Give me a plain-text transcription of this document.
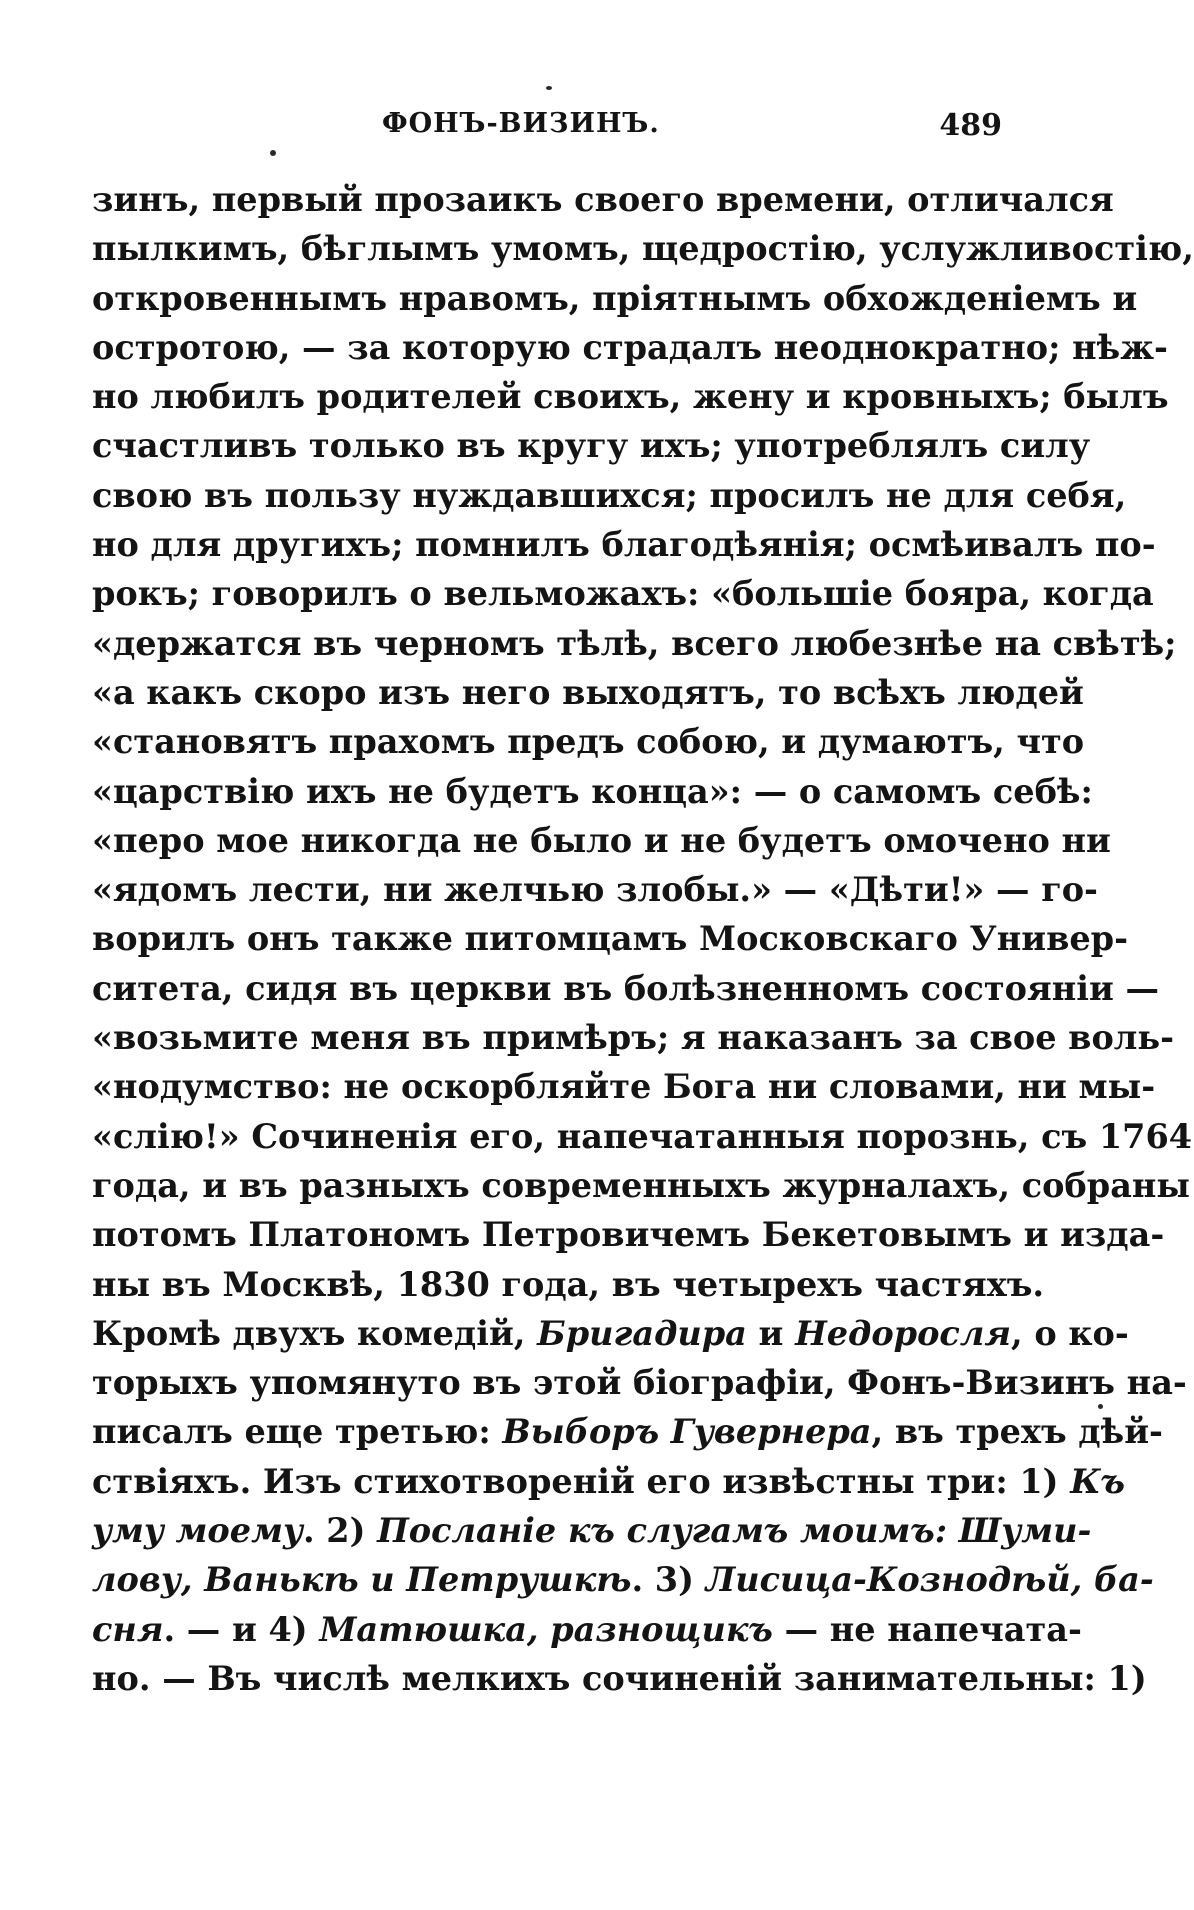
ФОНЪ-ВИЗИНЪ.	489
зинъ, первый прозаикъ своего времени, отличался
пылкимъ, бѣглымъ умомъ, щедростію, услужливостію,
откровеннымъ нравомъ, пріятнымъ обхожденіемъ и
остротою, — за которую страдалъ неоднократно; нѣж-
но любилъ родителей своихъ, жену и кровныхъ; былъ
счастливъ только въ кругу ихъ; употреблялъ силу
свою въ пользу нуждавшихся; просилъ не для себя,
но для другихъ; помнилъ благодѣянія; осмѣивалъ по-
рокъ; говорилъ о вельможахъ: «большіе бояра, когда
«держатся въ черномъ тѣлѣ, всего любезнѣе на свѣтѣ;
«а какъ скоро изъ него выходятъ, то всѣхъ людей
«становятъ прахомъ предъ собою, и думаютъ, что
«царствію ихъ не будетъ конца»: — о самомъ себѣ:
«перо мое никогда не было и не будетъ омочено ни
«ядомъ лести, ни желчью злобы.» — «Дѣти!» — го-
ворилъ онъ также питомцамъ Московскаго Универ-
ситета, сидя въ церкви въ болѣзненномъ состояніи —
«возьмите меня въ примѣръ; я наказанъ за свое воль-
«нодумство: не оскорбляйте Бога ни словами, ни мы-
«слію!» Сочиненія его, напечатанныя порознь, съ 1764
года, и въ разныхъ современныхъ журналахъ, собраны
потомъ Платономъ Петровичемъ Бекетовымъ и изда-
ны въ Москвѣ, 1830 года, въ четырехъ частяхъ.
Кромѣ двухъ комедій, Бригадира и Недоросля, о ко-
торыхъ упомянуто въ этой біографіи, Фонъ-Визинъ на-
писалъ еще третью: Выборъ Гувернера, въ трехъ дѣй-
ствіяхъ. Изъ стихотвореній его извѣстны три: 1) Къ
уму моему. 2) Посланіе къ слугамъ моимъ: Шуми-
лову, Ванькѣ и Петрушкѣ. 3) Лисица-Кознодѣй, ба-
сня. — и 4) Матюшка, разнощикъ — не напечата-
но. — Въ числѣ мелкихъ сочиненій занимательны: 1)
